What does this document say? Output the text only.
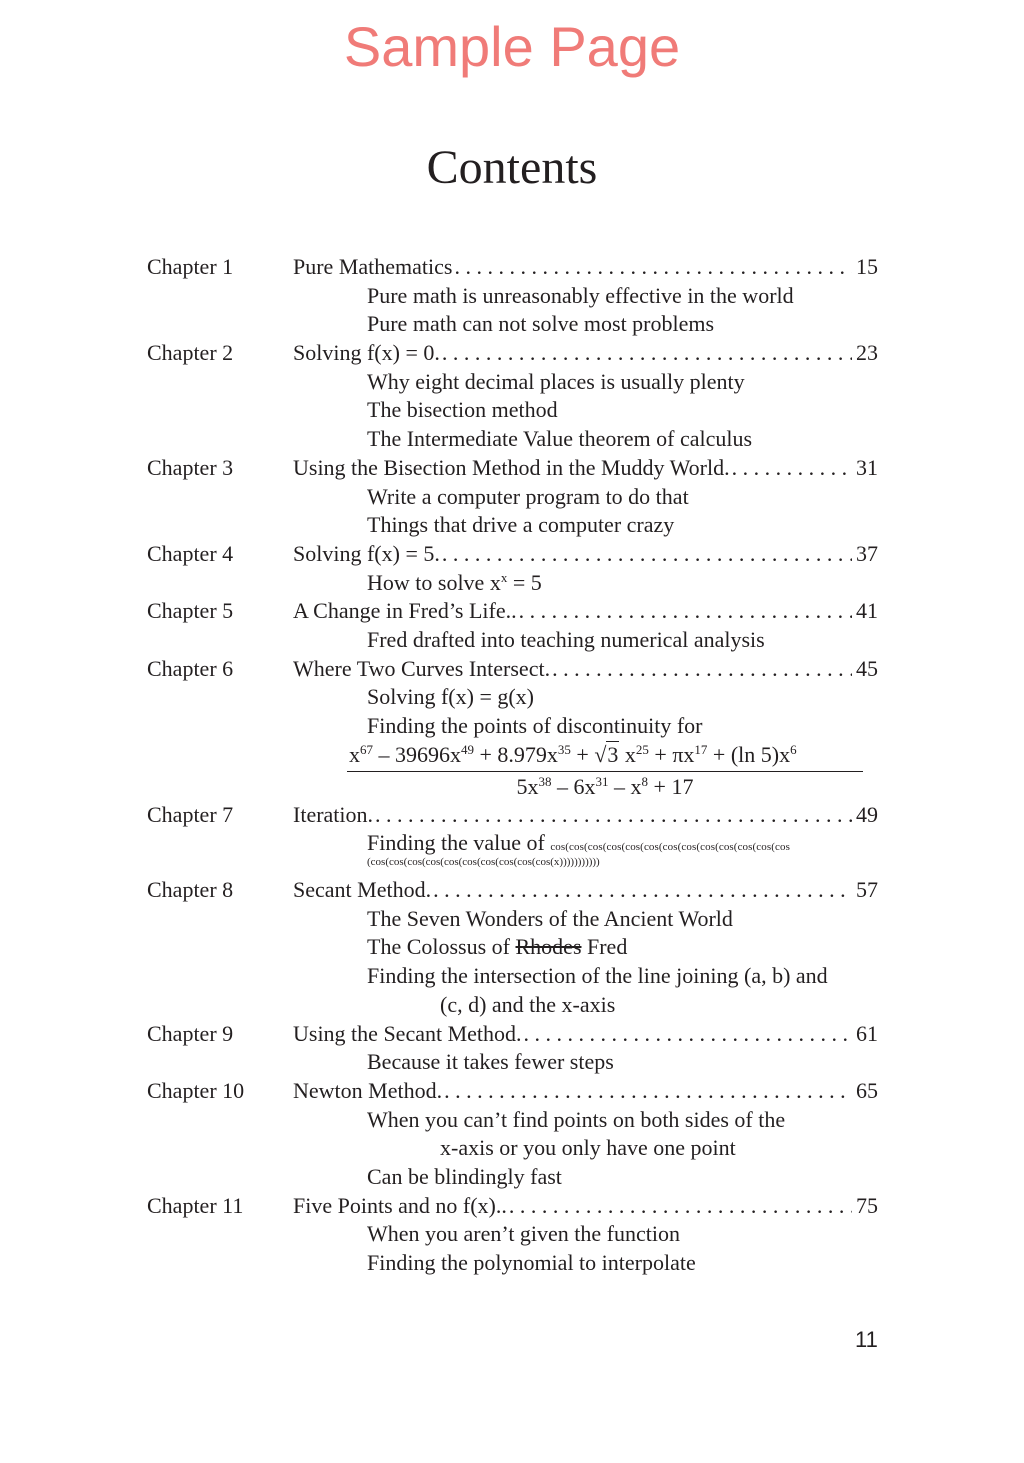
Sample Page
Contents
Chapter 1	Pure Mathematics . . .	15
Pure math is unreasonably effective in the world
Pure math can not solve most problems
Chapter 2	Solving f(x) = 0. . . .	23
Why eight decimal places is usually plenty
The bisection method
The Intermediate Value theorem of calculus
Chapter 3	Using the Bisection Method in the Muddy World. . . .	31
Write a computer program to do that
Things that drive a computer crazy
Chapter 4	Solving f(x) = 5. . . .	37
How to solve $x^x = 5$
Chapter 5	A Change in Fred’s Life.. . . .	41
Fred drafted into teaching numerical analysis
Chapter 6	Where Two Curves Intersect. . . .	45
Solving f(x) = g(x)
Finding the points of discontinuity for
$x^{67} - 39696x^{49} + 8.979x^{35} + √3$ $x^{25} + \pi x^{17} + (\ln$ $5)x^6$
$5x^{38} - 6x^{31} - x^8 + 17$
Chapter 7	Iteration. . . .	49
Finding the value of cos(cos(cos(cos(cos(cos(cos(cos(cos(cos(cos(cos(cos
(cos(cos(cos(cos(cos(cos(cos(cos(cos(cos(x)))))))))))
Chapter 8	Secant Method. . . .	57
The Seven Wonders of the Ancient World
The Colossus of Rhodes Fred
Finding the intersection of the line joining (a, b) and
(c, d) and the x-axis
Chapter 9	Using the Secant Method. . . .	61
Because it takes fewer steps
Chapter 10 Newton Method. . . .	65
When you can’t find points on both sides of the
x-axis or you only have one point
Can be blindingly fast
Chapter 11 Five Points and no f(x).. . . .	75
When you aren’t given the function
Finding the polynomial to interpolate
11
